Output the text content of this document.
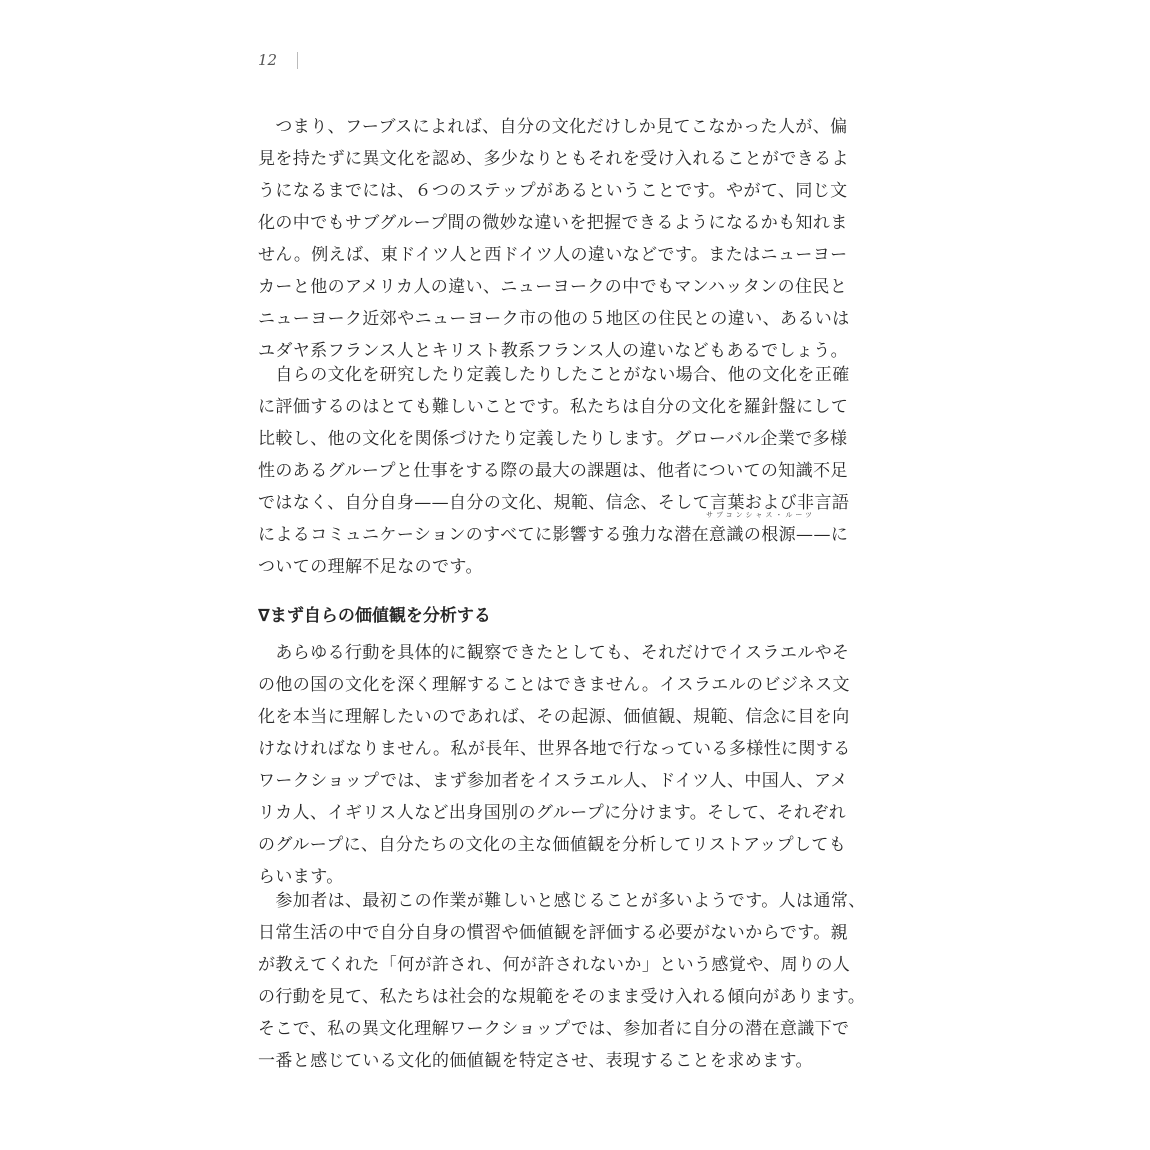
12
サブコンシャス・ルーツ
　つまり、フーブスによれば、自分の文化だけしか見てこなかった人が、偏
見を持たずに異文化を認め、多少なりともそれを受け入れることができるよ
うになるまでには、６つのステップがあるということです。やがて、同じ文
化の中でもサブグループ間の微妙な違いを把握できるようになるかも知れま
せん。例えば、東ドイツ人と西ドイツ人の違いなどです。またはニューヨー
カーと他のアメリカ人の違い、ニューヨークの中でもマンハッタンの住民と
ニューヨーク近郊やニューヨーク市の他の５地区の住民との違い、あるいは
ユダヤ系フランス人とキリスト教系フランス人の違いなどもあるでしょう。
　自らの文化を研究したり定義したりしたことがない場合、他の文化を正確
に評価するのはとても難しいことです。私たちは自分の文化を羅針盤にして
比較し、他の文化を関係づけたり定義したりします。グローバル企業で多様
性のあるグループと仕事をする際の最大の課題は、他者についての知識不足
ではなく、自分自身——自分の文化、規範、信念、そして言葉および非言語
によるコミュニケーションのすべてに影響する強力な潜在意識の根源——に
ついての理解不足なのです。
∇まず自らの価値観を分析する
　あらゆる行動を具体的に観察できたとしても、それだけでイスラエルやそ
の他の国の文化を深く理解することはできません。イスラエルのビジネス文
化を本当に理解したいのであれば、その起源、価値観、規範、信念に目を向
けなければなりません。私が長年、世界各地で行なっている多様性に関する
ワークショップでは、まず参加者をイスラエル人、ドイツ人、中国人、アメ
リカ人、イギリス人など出身国別のグループに分けます。そして、それぞれ
のグループに、自分たちの文化の主な価値観を分析してリストアップしても
らいます。
　参加者は、最初この作業が難しいと感じることが多いようです。人は通常、
日常生活の中で自分自身の慣習や価値観を評価する必要がないからです。親
が教えてくれた「何が許され、何が許されないか」という感覚や、周りの人
の行動を見て、私たちは社会的な規範をそのまま受け入れる傾向があります。
そこで、私の異文化理解ワークショップでは、参加者に自分の潜在意識下で
一番と感じている文化的価値観を特定させ、表現することを求めます。
